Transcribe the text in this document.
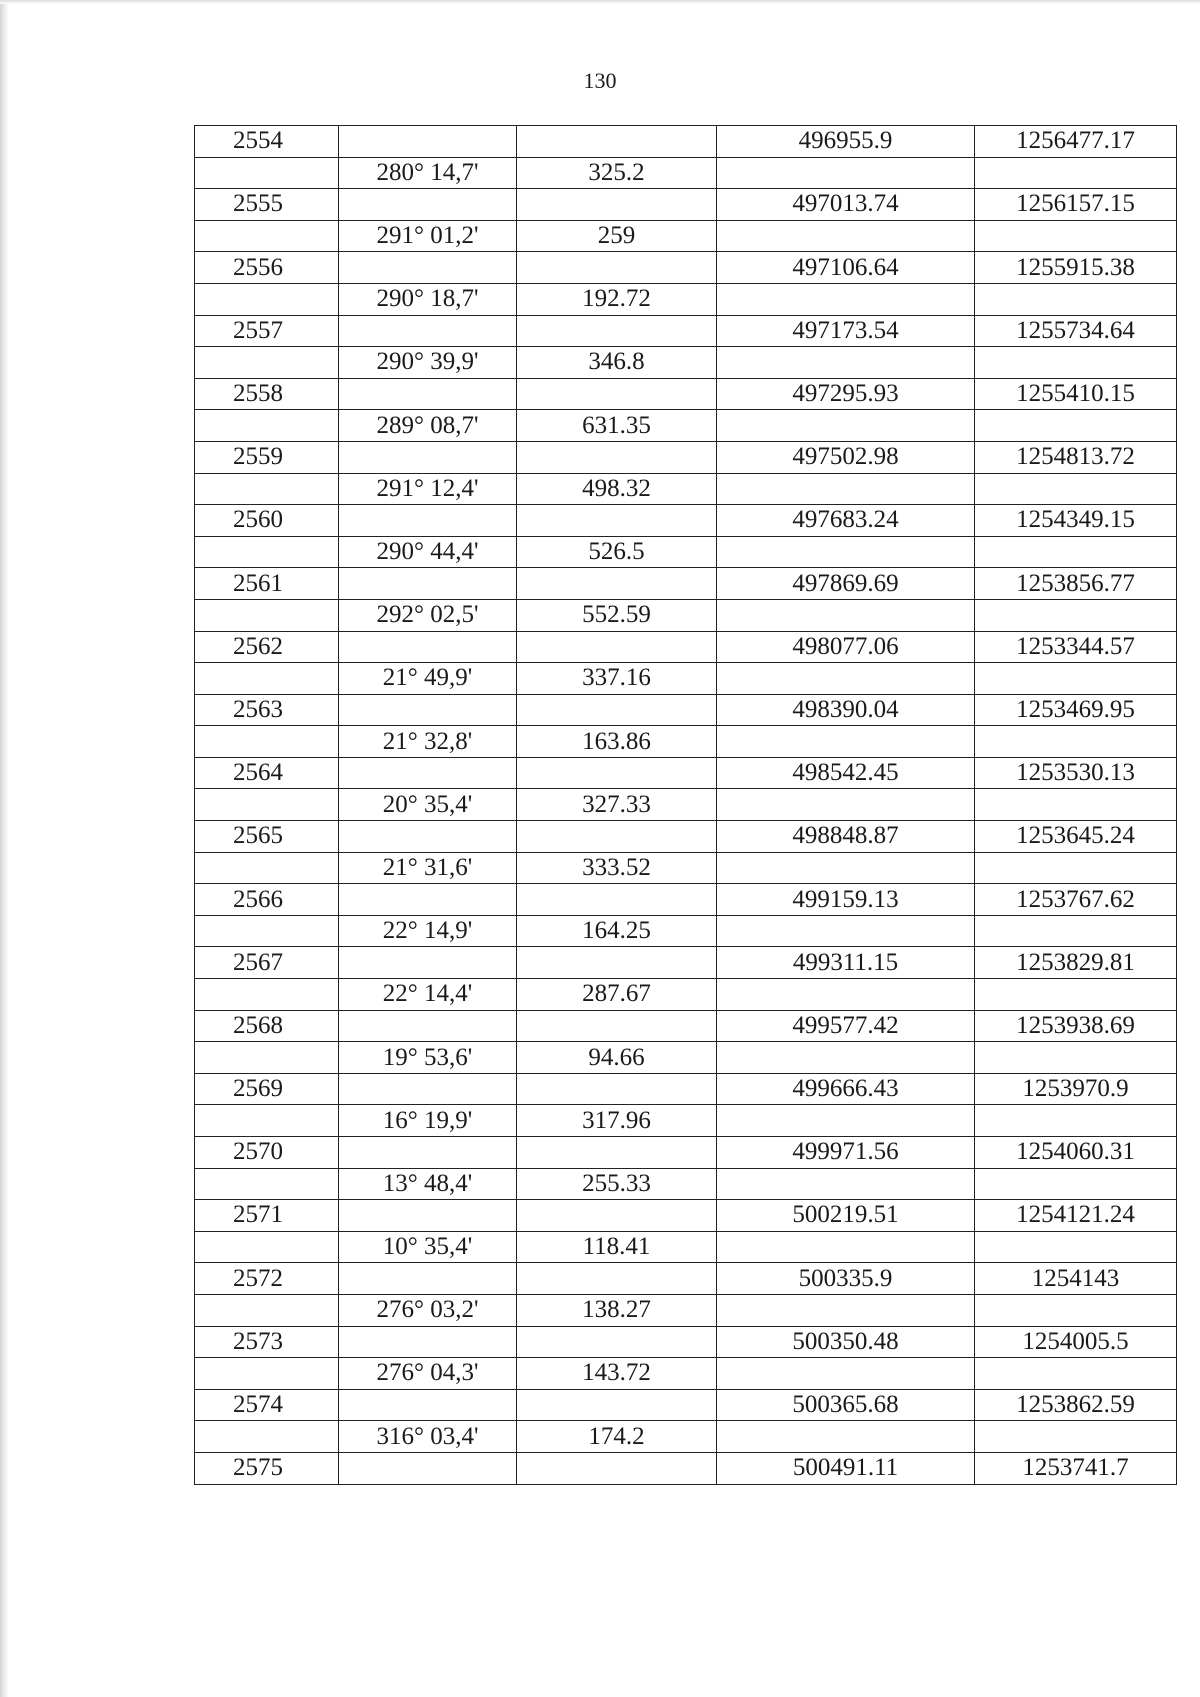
130
2554			496955.9	1256477.17
	280° 14,7'	325.2		
2555			497013.74	1256157.15
	291° 01,2'	259		
2556			497106.64	1255915.38
	290° 18,7'	192.72		
2557			497173.54	1255734.64
	290° 39,9'	346.8		
2558			497295.93	1255410.15
	289° 08,7'	631.35		
2559			497502.98	1254813.72
	291° 12,4'	498.32		
2560			497683.24	1254349.15
	290° 44,4'	526.5		
2561			497869.69	1253856.77
	292° 02,5'	552.59		
2562			498077.06	1253344.57
	21° 49,9'	337.16		
2563			498390.04	1253469.95
	21° 32,8'	163.86		
2564			498542.45	1253530.13
	20° 35,4'	327.33		
2565			498848.87	1253645.24
	21° 31,6'	333.52		
2566			499159.13	1253767.62
	22° 14,9'	164.25		
2567			499311.15	1253829.81
	22° 14,4'	287.67		
2568			499577.42	1253938.69
	19° 53,6'	94.66		
2569			499666.43	1253970.9
	16° 19,9'	317.96		
2570			499971.56	1254060.31
	13° 48,4'	255.33		
2571			500219.51	1254121.24
	10° 35,4'	118.41		
2572			500335.9	1254143
	276° 03,2'	138.27		
2573			500350.48	1254005.5
	276° 04,3'	143.72		
2574			500365.68	1253862.59
	316° 03,4'	174.2		
2575			500491.11	1253741.7
